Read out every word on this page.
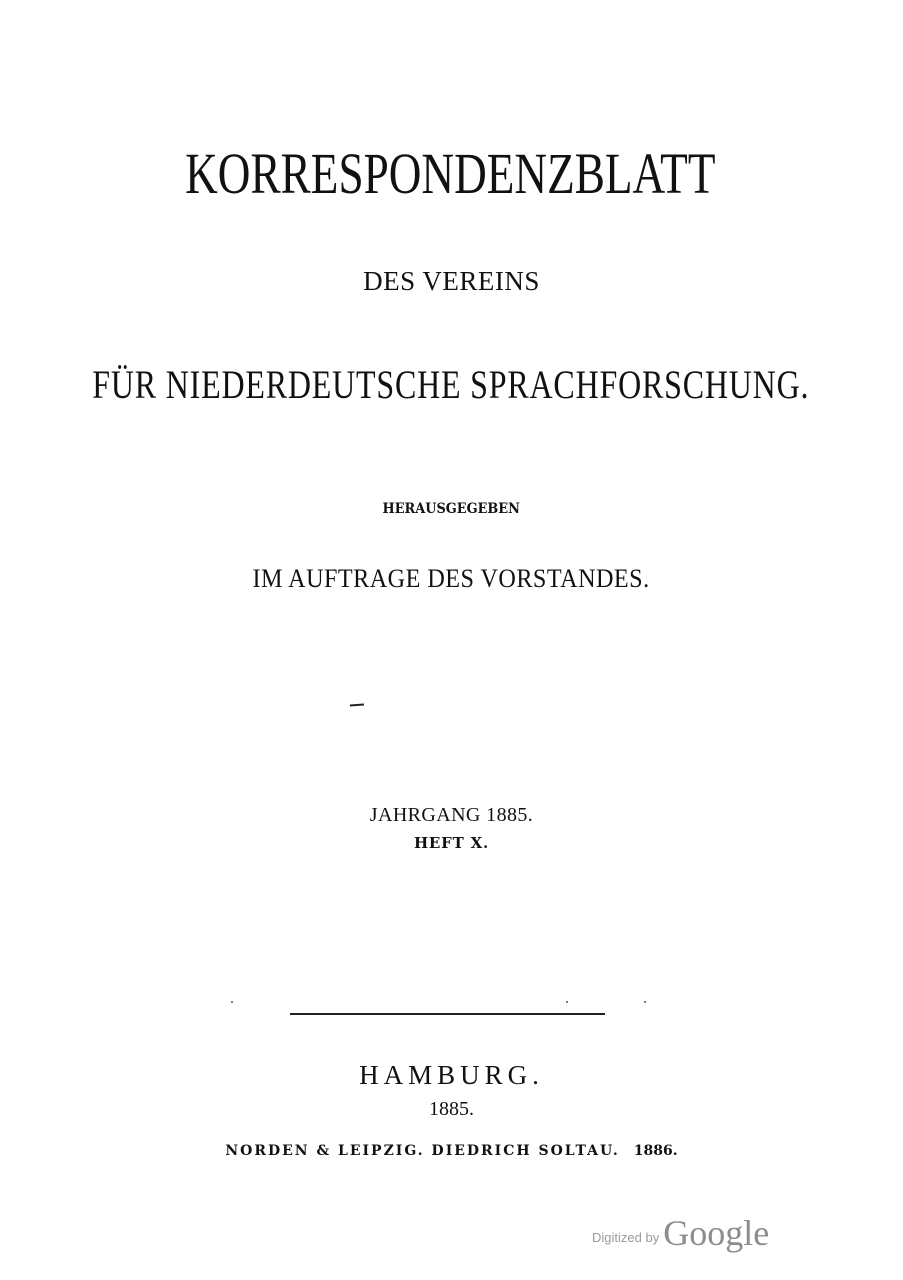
KORRESPONDENZBLATT
DES VEREINS
FÜR NIEDERDEUTSCHE SPRACHFORSCHUNG.
HERAUSGEGEBEN
IM AUFTRAGE DES VORSTANDES.
JAHRGANG 1885.
HEFT X.
HAMBURG.
1885.
NORDEN & LEIPZIG. DIEDRICH SOLTAU. 1886.
Digitized by Google
